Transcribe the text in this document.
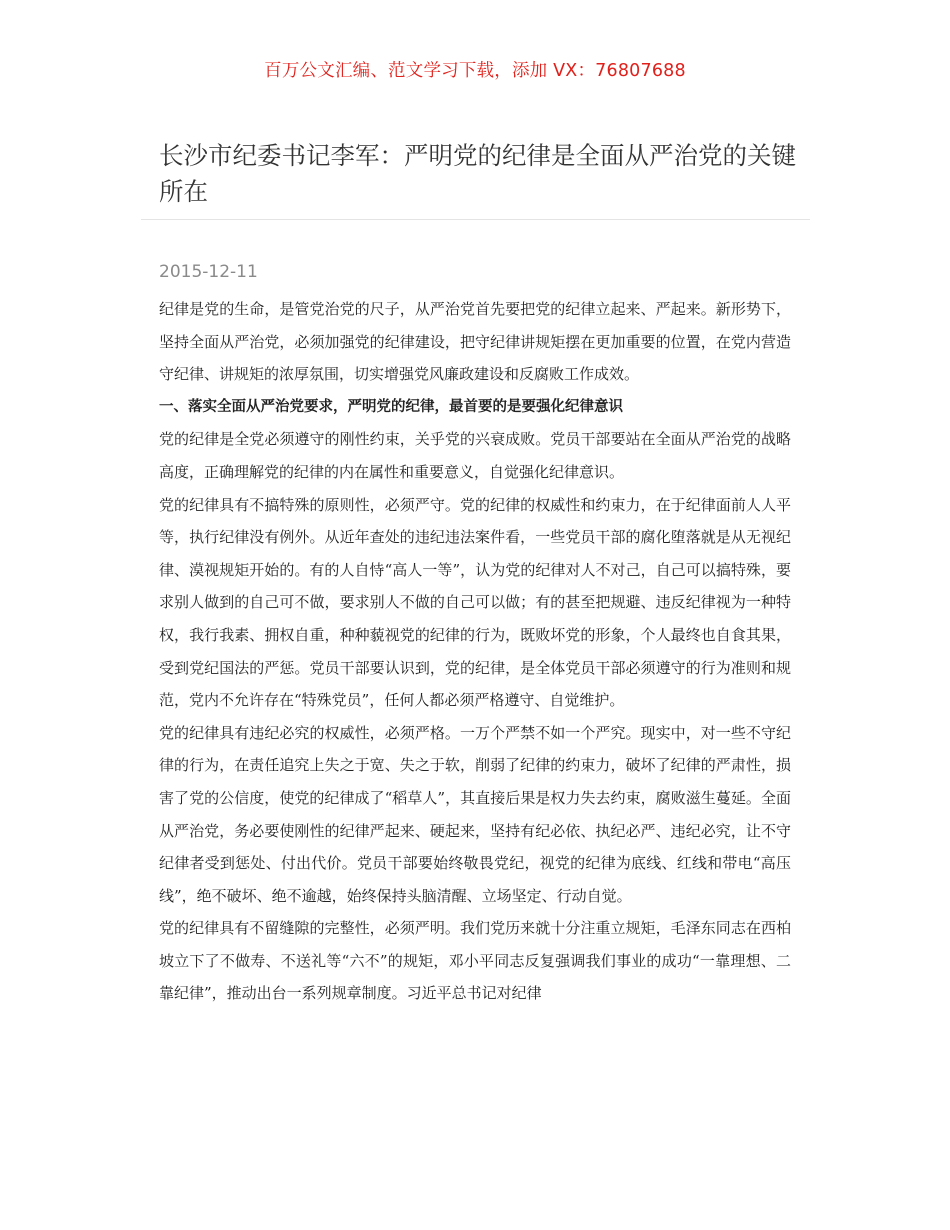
百万公文汇编、范文学习下载，添加 VX：76807688
长沙市纪委书记李军：严明党的纪律是全面从严治党的关键所在
2015-12-11

纪律是党的生命，是管党治党的尺子，从严治党首先要把党的纪律立起来、严起来。新形势下，坚持全面从严治党，必须加强党的纪律建设，把守纪律讲规矩摆在更加重要的位置，在党内营造守纪律、讲规矩的浓厚氛围，切实增强党风廉政建设和反腐败工作成效。

一、落实全面从严治党要求，严明党的纪律，最首要的是要强化纪律意识

党的纪律是全党必须遵守的刚性约束，关乎党的兴衰成败。党员干部要站在全面从严治党的战略高度，正确理解党的纪律的内在属性和重要意义，自觉强化纪律意识。

党的纪律具有不搞特殊的原则性，必须严守。党的纪律的权威性和约束力，在于纪律面前人人平等，执行纪律没有例外。从近年查处的违纪违法案件看，一些党员干部的腐化堕落就是从无视纪律、漠视规矩开始的。有的人自恃“高人一等”，认为党的纪律对人不对己，自己可以搞特殊，要求别人做到的自己可不做，要求别人不做的自己可以做；有的甚至把规避、违反纪律视为一种特权，我行我素、拥权自重，种种藐视党的纪律的行为，既败坏党的形象，个人最终也自食其果，受到党纪国法的严惩。党员干部要认识到，党的纪律，是全体党员干部必须遵守的行为准则和规范，党内不允许存在“特殊党员”，任何人都必须严格遵守、自觉维护。

党的纪律具有违纪必究的权威性，必须严格。一万个严禁不如一个严究。现实中，对一些不守纪律的行为，在责任追究上失之于宽、失之于软，削弱了纪律的约束力，破坏了纪律的严肃性，损害了党的公信度，使党的纪律成了“稻草人”，其直接后果是权力失去约束，腐败滋生蔓延。全面从严治党，务必要使刚性的纪律严起来、硬起来，坚持有纪必依、执纪必严、违纪必究，让不守纪律者受到惩处、付出代价。党员干部要始终敬畏党纪，视党的纪律为底线、红线和带电“高压线”，绝不破坏、绝不逾越，始终保持头脑清醒、立场坚定、行动自觉。

党的纪律具有不留缝隙的完整性，必须严明。我们党历来就十分注重立规矩，毛泽东同志在西柏坡立下了不做寿、不送礼等“六不”的规矩，邓小平同志反复强调我们事业的成功“一靠理想、二靠纪律”，推动出台一系列规章制度。习近平总书记对纪律
